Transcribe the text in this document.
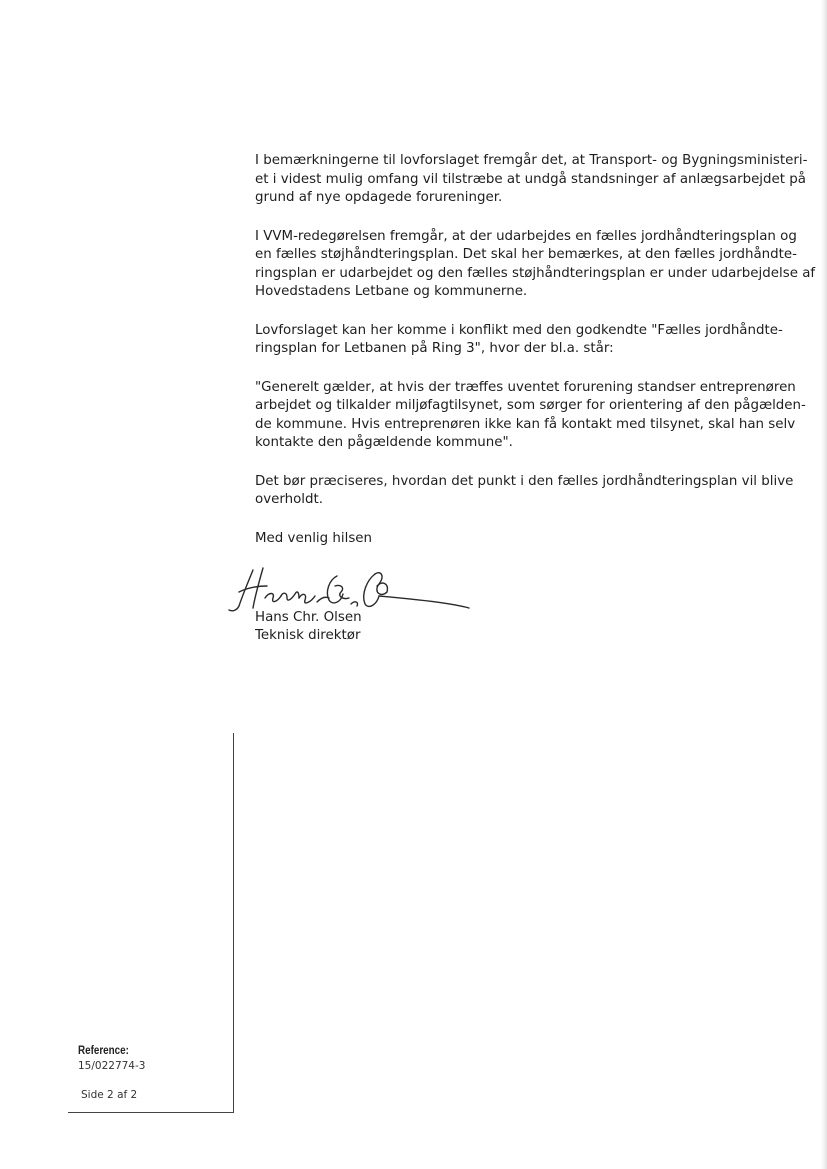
I bemærkningerne til lovforslaget fremgår det, at Transport- og Bygningsministeri-
et i videst mulig omfang vil tilstræbe at undgå standsninger af anlægsarbejdet på
grund af nye opdagede forureninger.

I VVM-redegørelsen fremgår, at der udarbejdes en fælles jordhåndteringsplan og
en fælles støjhåndteringsplan. Det skal her bemærkes, at den fælles jordhåndte-
ringsplan er udarbejdet og den fælles støjhåndteringsplan er under udarbejdelse af
Hovedstadens Letbane og kommunerne.

Lovforslaget kan her komme i konflikt med den godkendte "Fælles jordhåndte-
ringsplan for Letbanen på Ring 3", hvor der bl.a. står:

"Generelt gælder, at hvis der træffes uventet forurening standser entreprenøren
arbejdet og tilkalder miljøfagtilsynet, som sørger for orientering af den pågælden-
de kommune. Hvis entreprenøren ikke kan få kontakt med tilsynet, skal han selv
kontakte den pågældende kommune".

Det bør præciseres, hvordan det punkt i den fælles jordhåndteringsplan vil blive
overholdt.

Med venlig hilsen

Hans Chr. Olsen
Teknisk direktør
Reference:
15/022774-3
Side 2 af 2
